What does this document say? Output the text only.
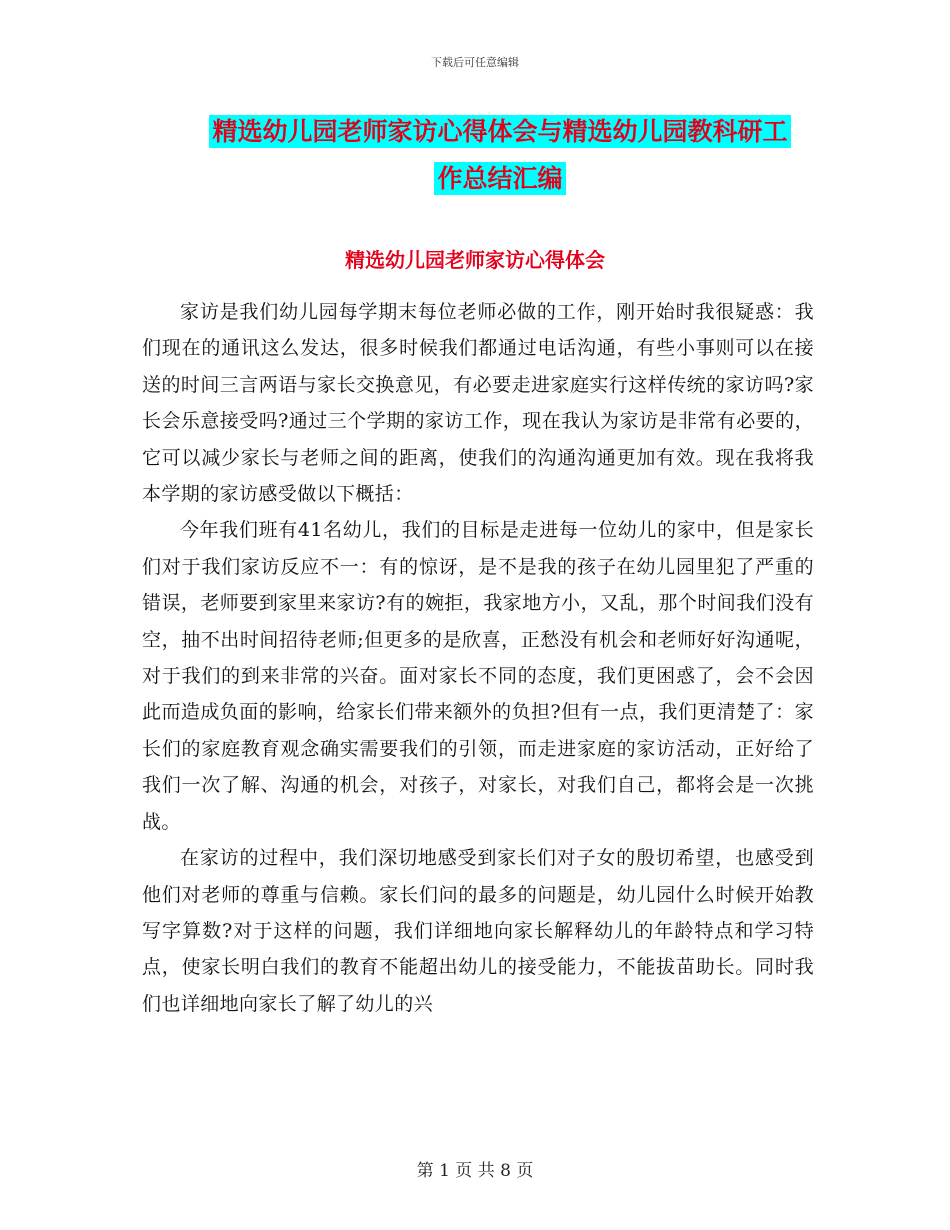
下载后可任意编辑
精选幼儿园老师家访心得体会与精选幼儿园教科研工
作总结汇编
精选幼儿园老师家访心得体会

家访是我们幼儿园每学期末每位老师必做的工作，刚开始时我很疑惑：我们现在的通讯这么发达，很多时候我们都通过电话沟通，有些小事则可以在接送的时间三言两语与家长交换意见，有必要走进家庭实行这样传统的家访吗?家长会乐意接受吗?通过三个学期的家访工作，现在我认为家访是非常有必要的，它可以减少家长与老师之间的距离，使我们的沟通沟通更加有效。现在我将我本学期的家访感受做以下概括：

今年我们班有41名幼儿，我们的目标是走进每一位幼儿的家中，但是家长们对于我们家访反应不一：有的惊讶，是不是我的孩子在幼儿园里犯了严重的错误，老师要到家里来家访?有的婉拒，我家地方小，又乱，那个时间我们没有空，抽不出时间招待老师;但更多的是欣喜，正愁没有机会和老师好好沟通呢，对于我们的到来非常的兴奋。面对家长不同的态度，我们更困惑了，会不会因此而造成负面的影响，给家长们带来额外的负担?但有一点，我们更清楚了：家长们的家庭教育观念确实需要我们的引领，而走进家庭的家访活动，正好给了我们一次了解、沟通的机会，对孩子，对家长，对我们自己，都将会是一次挑战。

在家访的过程中，我们深切地感受到家长们对子女的殷切希望，也感受到他们对老师的尊重与信赖。家长们问的最多的问题是，幼儿园什么时候开始教写字算数?对于这样的问题，我们详细地向家长解释幼儿的年龄特点和学习特点，使家长明白我们的教育不能超出幼儿的接受能力，不能拔苗助长。同时我们也详细地向家长了解了幼儿的兴

第 1 页 共 8 页
